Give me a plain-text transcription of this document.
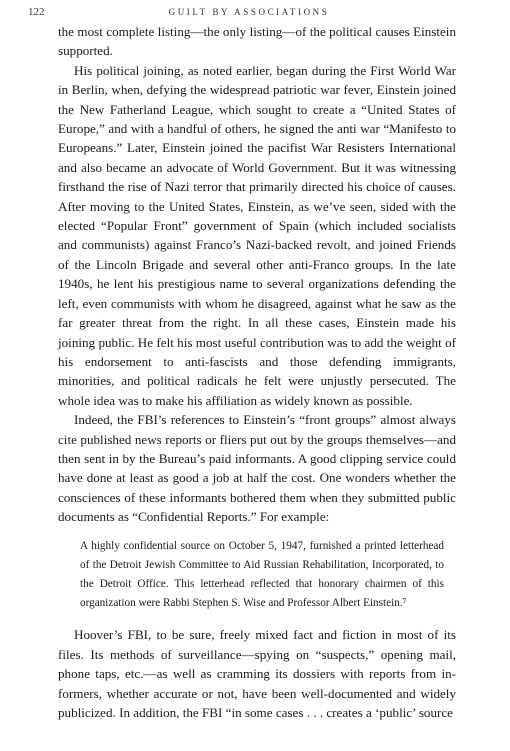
122	GUILT BY ASSOCIATIONS

the most complete listing—the only listing—of the political causes Einstein supported.

His political joining, as noted earlier, began during the First World War in Berlin, when, defying the widespread patriotic war fever, Einstein joined the New Fatherland League, which sought to create a “United States of Europe,” and with a handful of others, he signed the anti war “Manifesto to Europeans.” Later, Einstein joined the pacifist War Resisters International and also became an advocate of World Government. But it was witnessing firsthand the rise of Nazi terror that primarily directed his choice of causes. After moving to the United States, Einstein, as we’ve seen, sided with the elected “Popular Front” government of Spain (which included socialists and communists) against Franco’s Nazi-backed revolt, and joined Friends of the Lincoln Brigade and several other anti-Franco groups. In the late 1940s, he lent his prestigious name to several organizations defending the left, even communists with whom he disagreed, against what he saw as the far greater threat from the right. In all these cases, Einstein made his joining public. He felt his most useful contribution was to add the weight of his endorsement to anti-fascists and those defending immigrants, minorities, and political radicals he felt were unjustly persecuted. The whole idea was to make his affiliation as widely known as possible.

Indeed, the FBI’s references to Einstein’s “front groups” almost always cite published news reports or fliers put out by the groups themselves—and then sent in by the Bureau’s paid informants. A good clipping service could have done at least as good a job at half the cost. One wonders whether the consciences of these informants bothered them when they submitted public documents as “Confidential Reports.” For example:

A highly confidential source on October 5, 1947, furnished a printed letterhead of the Detroit Jewish Committee to Aid Russian Rehabilitation, Incorporated, to the Detroit Office. This letterhead reflected that honorary chairmen of this organization were Rabbi Stephen S. Wise and Professor Albert Einstein.⁷

Hoover’s FBI, to be sure, freely mixed fact and fiction in most of its files. Its methods of surveillance—spying on “suspects,” opening mail, phone taps, etc.—as well as cramming its dossiers with reports from informers, whether accurate or not, have been well-documented and widely publicized. In addition, the FBI “in some cases . . . creates a ‘public’ source
